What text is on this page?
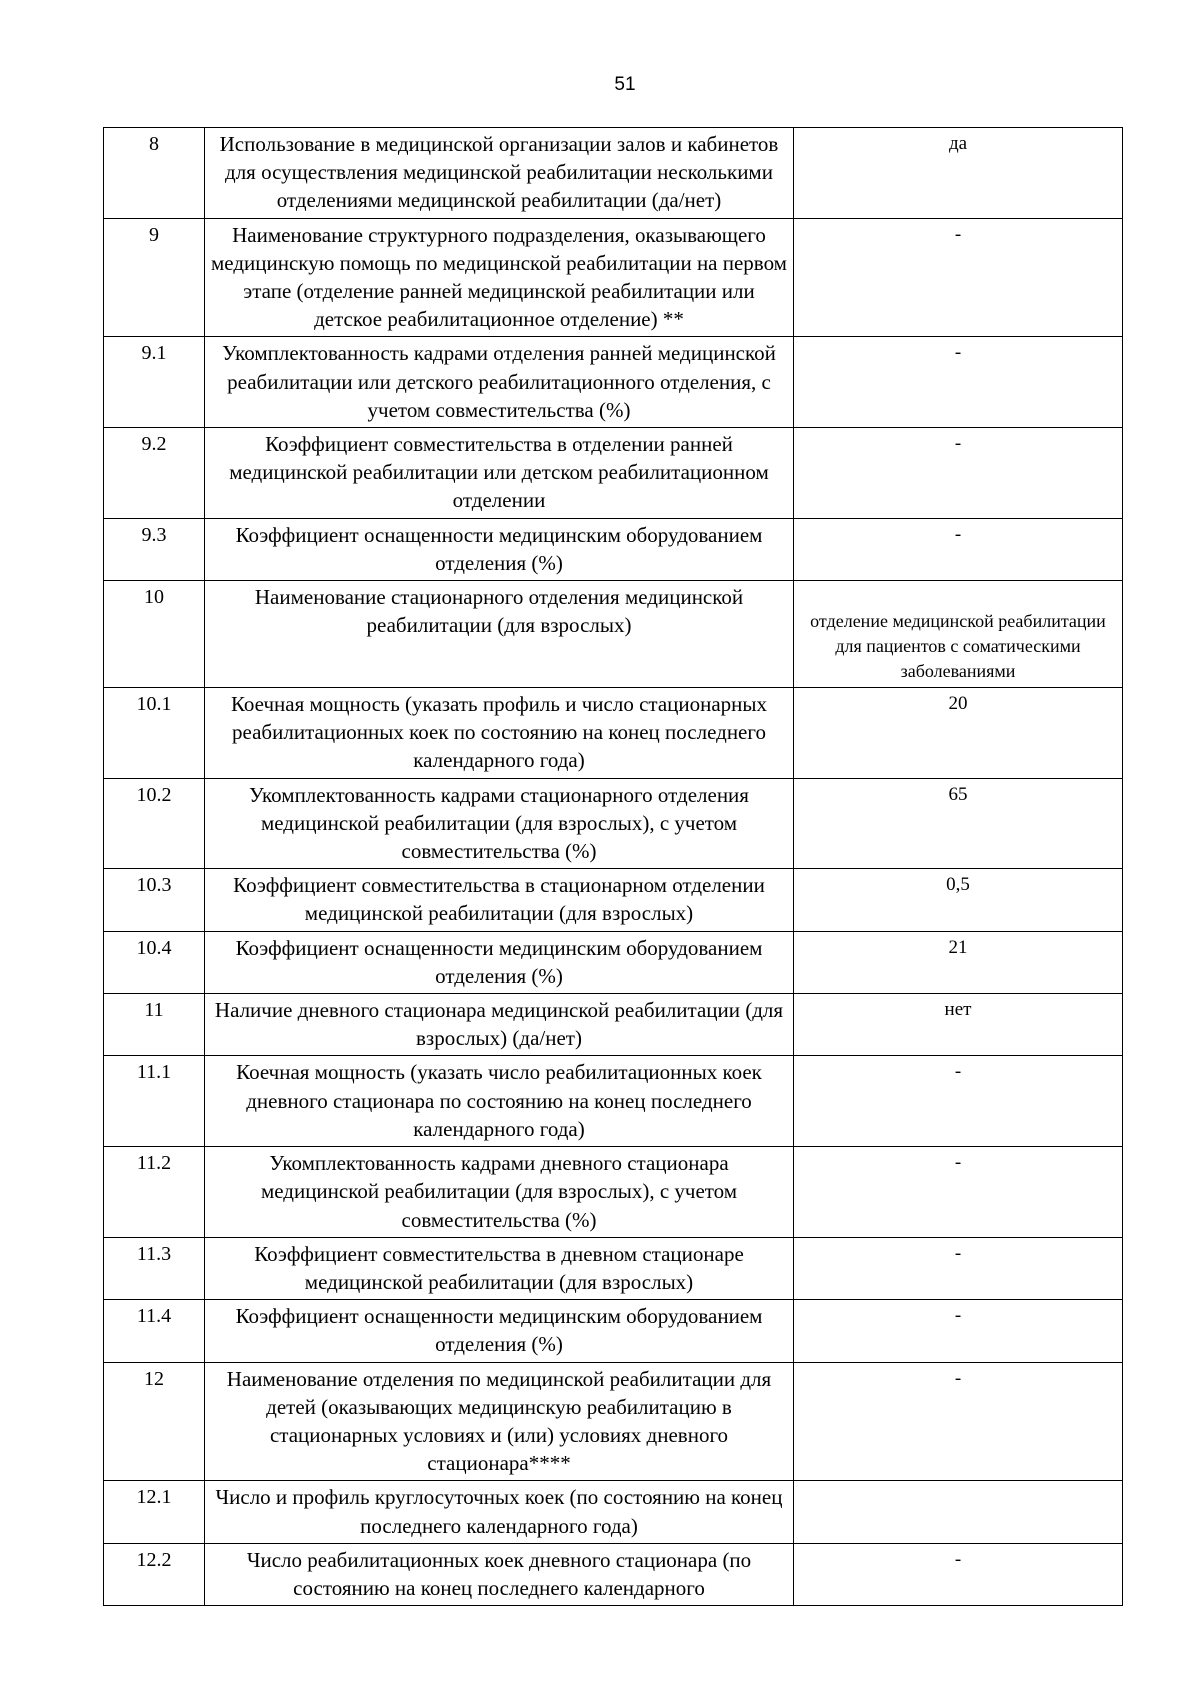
51
8	Использование в медицинской организации залов и кабинетов для осуществления медицинской реабилитации несколькими отделениями медицинской реабилитации (да/нет)	да
9	Наименование структурного подразделения, оказывающего медицинскую помощь по медицинской реабилитации на первом этапе (отделение ранней медицинской реабилитации или детское реабилитационное отделение) **	-
9.1	Укомплектованность кадрами отделения ранней медицинской реабилитации или детского реабилитационного отделения, с учетом совместительства (%)	-
9.2	Коэффициент совместительства в отделении ранней медицинской реабилитации или детском реабилитационном отделении	-
9.3	Коэффициент оснащенности медицинским оборудованием отделения (%)	-
10	Наименование стационарного отделения медицинской реабилитации (для взрослых)	отделение медицинской реабилитации для пациентов с соматическими заболеваниями
10.1	Коечная мощность (указать профиль и число стационарных реабилитационных коек по состоянию на конец последнего календарного года)	20
10.2	Укомплектованность кадрами стационарного отделения медицинской реабилитации (для взрослых), с учетом совместительства (%)	65
10.3	Коэффициент совместительства в стационарном отделении медицинской реабилитации (для взрослых)	0,5
10.4	Коэффициент оснащенности медицинским оборудованием отделения (%)	21
11	Наличие дневного стационара медицинской реабилитации (для взрослых) (да/нет)	нет
11.1	Коечная мощность (указать число реабилитационных коек дневного стационара по состоянию на конец последнего календарного года)	-
11.2	Укомплектованность кадрами дневного стационара медицинской реабилитации (для взрослых), с учетом совместительства (%)	-
11.3	Коэффициент совместительства в дневном стационаре медицинской реабилитации (для взрослых)	-
11.4	Коэффициент оснащенности медицинским оборудованием отделения (%)	-
12	Наименование отделения по медицинской реабилитации для детей (оказывающих медицинскую реабилитацию в стационарных условиях и (или) условиях дневного стационара****	-
12.1	Число и профиль круглосуточных коек (по состоянию на конец последнего календарного года)	
12.2	Число реабилитационных коек дневного стационара (по состоянию на конец последнего календарного	-
